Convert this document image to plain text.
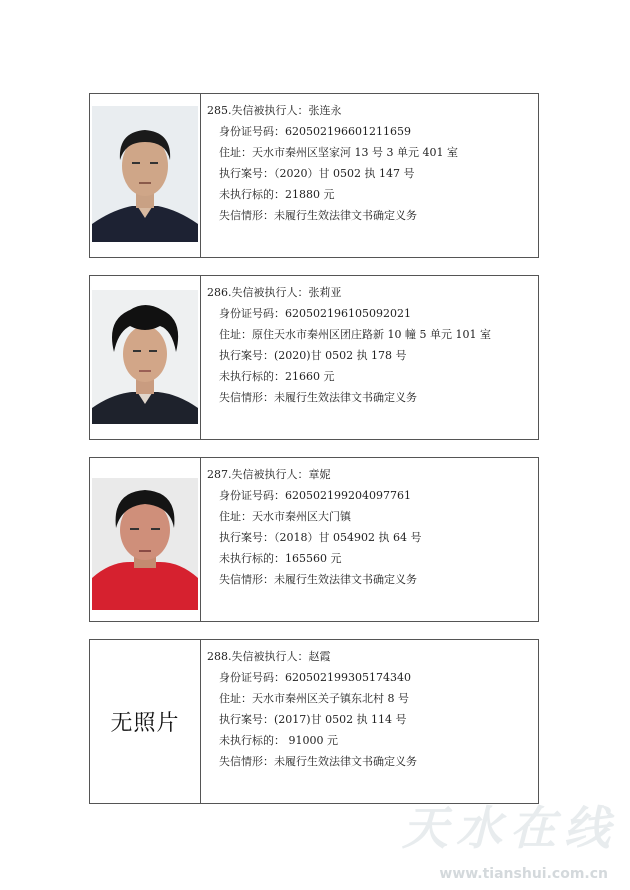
285.失信被执行人：张连永
身份证号码：620502196601211659
住址：天水市秦州区坚家河 13 号 3 单元 401 室
执行案号：（2020）甘 0502 执 147 号
未执行标的：21880 元
失信情形：未履行生效法律文书确定义务
286.失信被执行人：张莉亚
身份证号码：620502196105092021
住址：原住天水市秦州区团庄路新 10 幢 5 单元 101 室
执行案号：(2020)甘 0502 执 178 号
未执行标的：21660 元
失信情形：未履行生效法律文书确定义务
287.失信被执行人：章妮
身份证号码：620502199204097761
住址：天水市秦州区大门镇
执行案号：（2018）甘 054902 执 64 号
未执行标的：165560 元
失信情形：未履行生效法律文书确定义务
无照片
288.失信被执行人：赵霞
身份证号码：620502199305174340
住址：天水市秦州区关子镇东北村 8 号
执行案号：(2017)甘 0502 执 114 号
未执行标的： 91000 元
失信情形：未履行生效法律文书确定义务
天水在线
www.tianshui.com.cn
